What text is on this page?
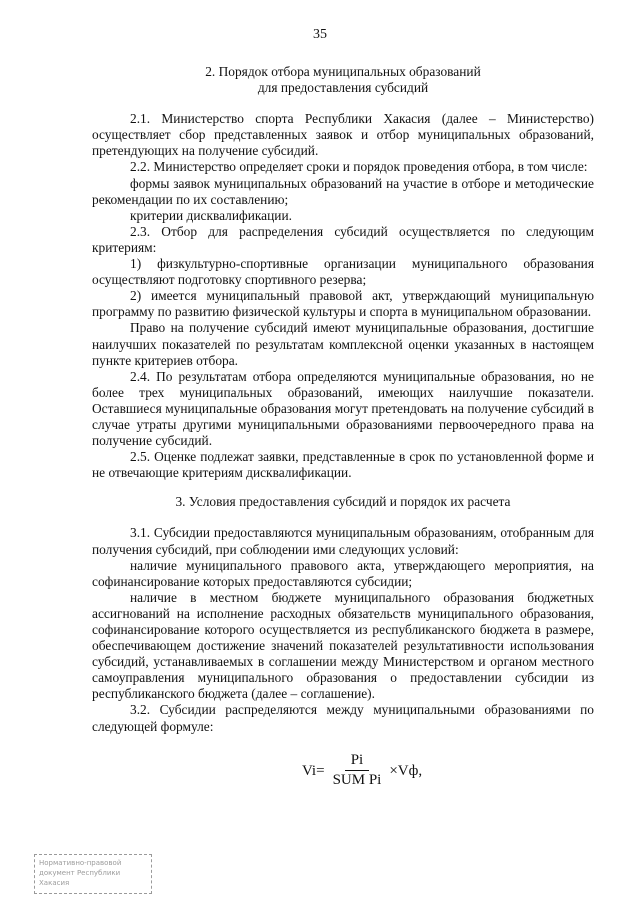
35
2. Порядок отбора муниципальных образований
для предоставления субсидий

2.1. Министерство спорта Республики Хакасия (далее – Министерство) осуществляет сбор представленных заявок и отбор муниципальных образований, претендующих на получение субсидий.

2.2. Министерство определяет сроки и порядок проведения отбора, в том числе:

формы заявок муниципальных образований на участие в отборе и методические рекомендации по их составлению;

критерии дисквалификации.

2.3. Отбор для распределения субсидий осуществляется по следующим критериям:

1) физкультурно-спортивные организации муниципального образования осуществляют подготовку спортивного резерва;

2) имеется муниципальный правовой акт, утверждающий муниципальную программу по развитию физической культуры и спорта в муниципальном образовании.

Право на получение субсидий имеют муниципальные образования, достигшие наилучших показателей по результатам комплексной оценки указанных в настоящем пункте критериев отбора.

2.4. По результатам отбора определяются муниципальные образования, но не более трех муниципальных образований, имеющих наилучшие показатели. Оставшиеся муниципальные образования могут претендовать на получение субсидий в случае утраты другими муниципальными образованиями первоочередного права на получение субсидий.

2.5. Оценке подлежат заявки, представленные в срок по установленной форме и не отвечающие критериям дисквалификации.

3. Условия предоставления субсидий и порядок их расчета

3.1. Субсидии предоставляются муниципальным образованиям, отобранным для получения субсидий, при соблюдении ими следующих условий:

наличие муниципального правового акта, утверждающего мероприятия, на софинансирование которых предоставляются субсидии;

наличие в местном бюджете муниципального образования бюджетных ассигнований на исполнение расходных обязательств муниципального образования, софинансирование которого осуществляется из республиканского бюджета в размере, обеспечивающем достижение значений показателей результативности использования субсидий, устанавливаемых в соглашении между Министерством и органом местного самоуправления муниципального образования о предоставлении субсидии из республиканского бюджета (далее – соглашение).

3.2. Субсидии распределяются между муниципальными образованиями по следующей формуле:

$Vi= \frac{Pi}{\text{SUM Pi}} \times Vф$,
Нормативно-правовой
документ Республики
Хакасия
